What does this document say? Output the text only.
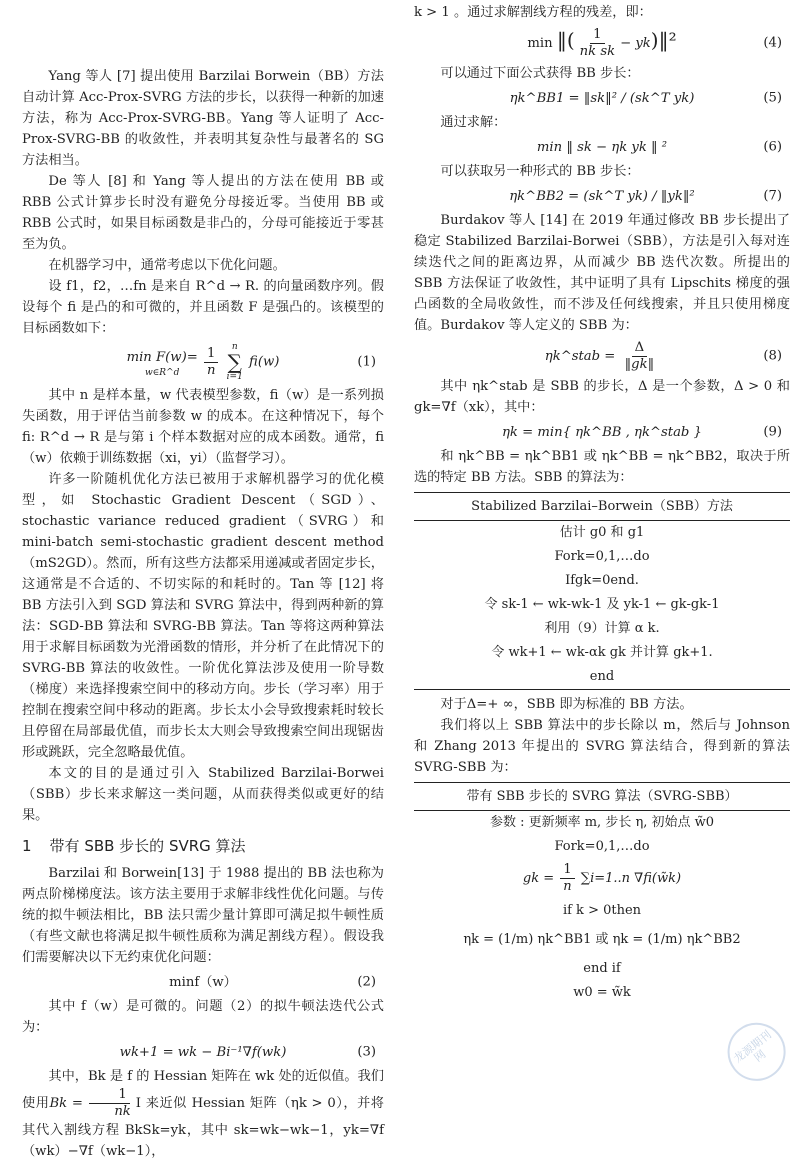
Yang 等人 [7] 提出使用 Barzilai Borwein（BB）方法自动计算 Acc-Prox-SVRG 方法的步长，以获得一种新的加速方法，称为 Acc-Prox-SVRG-BB。Yang 等人证明了 Acc-Prox-SVRG-BB 的收敛性，并表明其复杂性与最著名的 SG 方法相当。

De 等人 [8] 和 Yang 等人提出的方法在使用 BB 或 RBB 公式计算步长时没有避免分母接近零。当使用 BB 或 RBB 公式时，如果目标函数是非凸的，分母可能接近于零甚至为负。

在机器学习中，通常考虑以下优化问题。

设 f1，f2，…fn 是来自 R^d → R. 的向量函数序列。假设每个 fi 是凸的和可微的，并且函数 F 是强凸的。该模型的目标函数如下：

min F(w)=
w∈R^d
$\frac{1}{n}$
n
∑
i=1
fi(w)	(1)

其中 n 是样本量，w 代表模型参数，fi（w）是一系列损失函数，用于评估当前参数 w 的成本。在这种情况下，每个 fi: R^d → R 是与第 i 个样本数据对应的成本函数。通常，fi（w）依赖于训练数据（xi，yi）（监督学习）。

许多一阶随机优化方法已被用于求解机器学习的优化模型，如 Stochastic Gradient Descent（SGD）、stochastic variance reduced gradient（SVRG）和 mini-batch semi-stochastic gradient descent method（mS2GD）。然而，所有这些方法都采用递减或者固定步长，这通常是不合适的、不切实际的和耗时的。Tan 等 [12] 将 BB 方法引入到 SGD 算法和 SVRG 算法中，得到两种新的算法：SGD-BB 算法和 SVRG-BB 算法。Tan 等将这两种算法用于求解目标函数为光滑函数的情形，并分析了在此情况下的 SVRG-BB 算法的收敛性。一阶优化算法涉及使用一阶导数（梯度）来选择搜索空间中的移动方向。步长（学习率）用于控制在搜索空间中移动的距离。步长太小会导致搜索耗时较长且停留在局部最优值，而步长太大则会导致搜索空间出现锯齿形或跳跃，完全忽略最优值。

本文的目的是通过引入 Stabilized Barzilai-Borwei（SBB）步长来求解这一类问题，从而获得类似或更好的结果。

1 带有 SBB 步长的 SVRG 算法

Barzilai 和 Borwein[13] 于 1988 提出的 BB 法也称为两点阶梯梯度法。该方法主要用于求解非线性优化问题。与传统的拟牛顿法相比，BB 法只需少量计算即可满足拟牛顿性质（有些文献也将满足拟牛顿性质称为满足割线方程）。假设我们需要解决以下无约束优化问题：

minf（w）	(2)

其中 f（w）是可微的。问题（2）的拟牛顿法迭代公式为：

wk+1 = wk − Bi⁻¹∇f(wk)	(3)

其中，Bk 是 f 的 Hessian 矩阵在 wk 处的近似值。我们使用$Bk = \frac{1}{nk}$ I 来近似 Hessian 矩阵（ηk > 0），并将其代入割线方程 BkSk=yk，其中 sk=wk−wk−1，yk=∇f（wk）−∇f（wk−1），

k > 1 。通过求解割线方程的残差，即：

min ‖( $\frac{1}{\text{nk sk}}$ − yk)‖²	(4)

可以通过下面公式获得 BB 步长：

ηk^BB1 = ‖sk‖² / (sk^T yk)	(5)

通过求解：

min ‖ sk − ηk yk ‖ ²	(6)

可以获取另一种形式的 BB 步长：

ηk^BB2 = (sk^T yk) / ‖yk‖²	(7)

Burdakov 等人 [14] 在 2019 年通过修改 BB 步长提出了稳定 Stabilized Barzilai-Borwei（SBB），方法是引入每对连续迭代之间的距离边界，从而减少 BB 迭代次数。所提出的 SBB 方法保证了收敛性，其中证明了具有 Lipschits 梯度的强凸函数的全局收敛性，而不涉及任何线搜索，并且只使用梯度值。Burdakov 等人定义的 SBB 为：

ηk^stab = $\frac{\Delta}{‖gk‖}$	(8)

其中 ηk^stab 是 SBB 的步长，Δ 是一个参数，Δ > 0 和 gk=∇f（xk），其中：

ηk = min{ ηk^BB , ηk^stab }	(9)

和 ηk^BB = ηk^BB1 或 ηk^BB = ηk^BB2，取决于所选的特定 BB 方法。SBB 的算法为：

Stabilized Barzilai–Borwein（SBB）方法
估计 g0 和 g1
Fork=0,1,…do
Ifgk=0end.
令 sk-1 ← wk-wk-1 及 yk-1 ← gk-gk-1
利用（9）计算 α k.
令 wk+1 ← wk-αk gk 并计算 gk+1.
end

对于Δ=+ ∞，SBB 即为标准的 BB 方法。

我们将以上 SBB 算法中的步长除以 m，然后与 Johnson 和 Zhang 2013 年提出的 SVRG 算法结合，得到新的算法 SVRG-SBB 为：

带有 SBB 步长的 SVRG 算法（SVRG-SBB）
参数 : 更新频率 m, 步长 η, 初始点 w̃0
Fork=0,1,…do
gk = $\frac{1}{n} \sum i=1..n$ ∇fi(w̃k)
if k > 0then
ηk = (1/m) ηk^BB1 或 ηk = (1/m) ηk^BB2
end if
w0 = w̃k
龙源期刊网
